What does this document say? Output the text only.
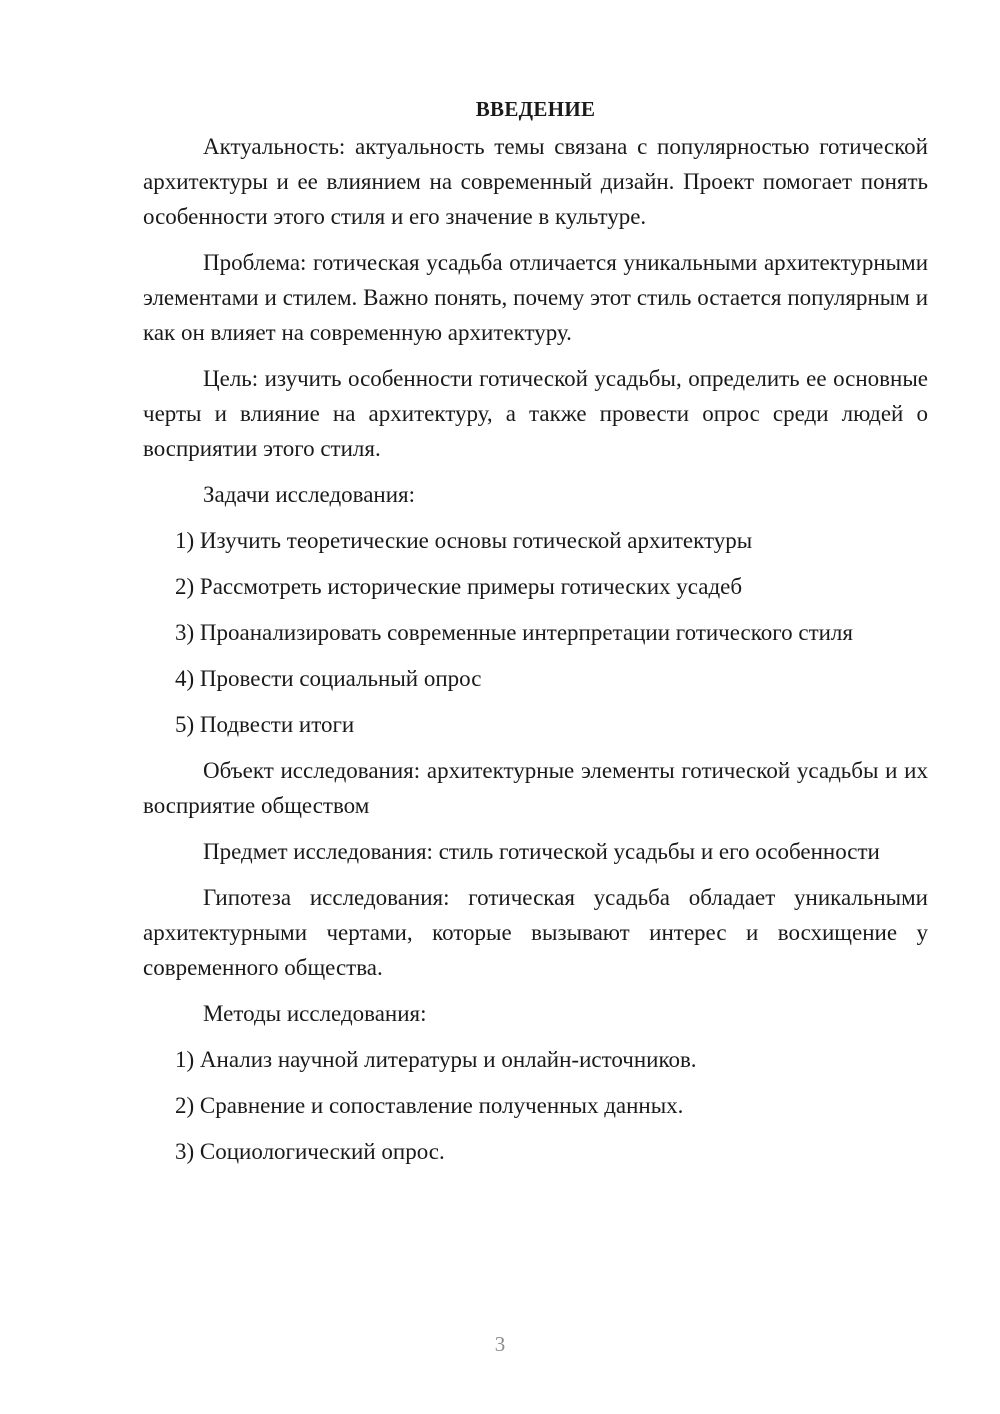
ВВЕДЕНИЕ

Актуальность: актуальность темы связана с популярностью готической архитектуры и ее влиянием на современный дизайн. Проект помогает понять особенности этого стиля и его значение в культуре.

Проблема: готическая усадьба отличается уникальными архитектурными элементами и стилем. Важно понять, почему этот стиль остается популярным и как он влияет на современную архитектуру.

Цель: изучить особенности готической усадьбы, определить ее основные черты и влияние на архитектуру, а также провести опрос среди людей о восприятии этого стиля.

Задачи исследования:
1) Изучить теоретические основы готической архитектуры
2) Рассмотреть исторические примеры готических усадеб
3) Проанализировать современные интерпретации готического стиля
4) Провести социальный опрос
5) Подвести итоги

Объект исследования: архитектурные элементы готической усадьбы и их восприятие обществом

Предмет исследования: стиль готической усадьбы и его особенности

Гипотеза исследования: готическая усадьба обладает уникальными архитектурными чертами, которые вызывают интерес и восхищение у современного общества.

Методы исследования:
1) Анализ научной литературы и онлайн-источников.
2) Сравнение и сопоставление полученных данных.
3) Социологический опрос.
3
